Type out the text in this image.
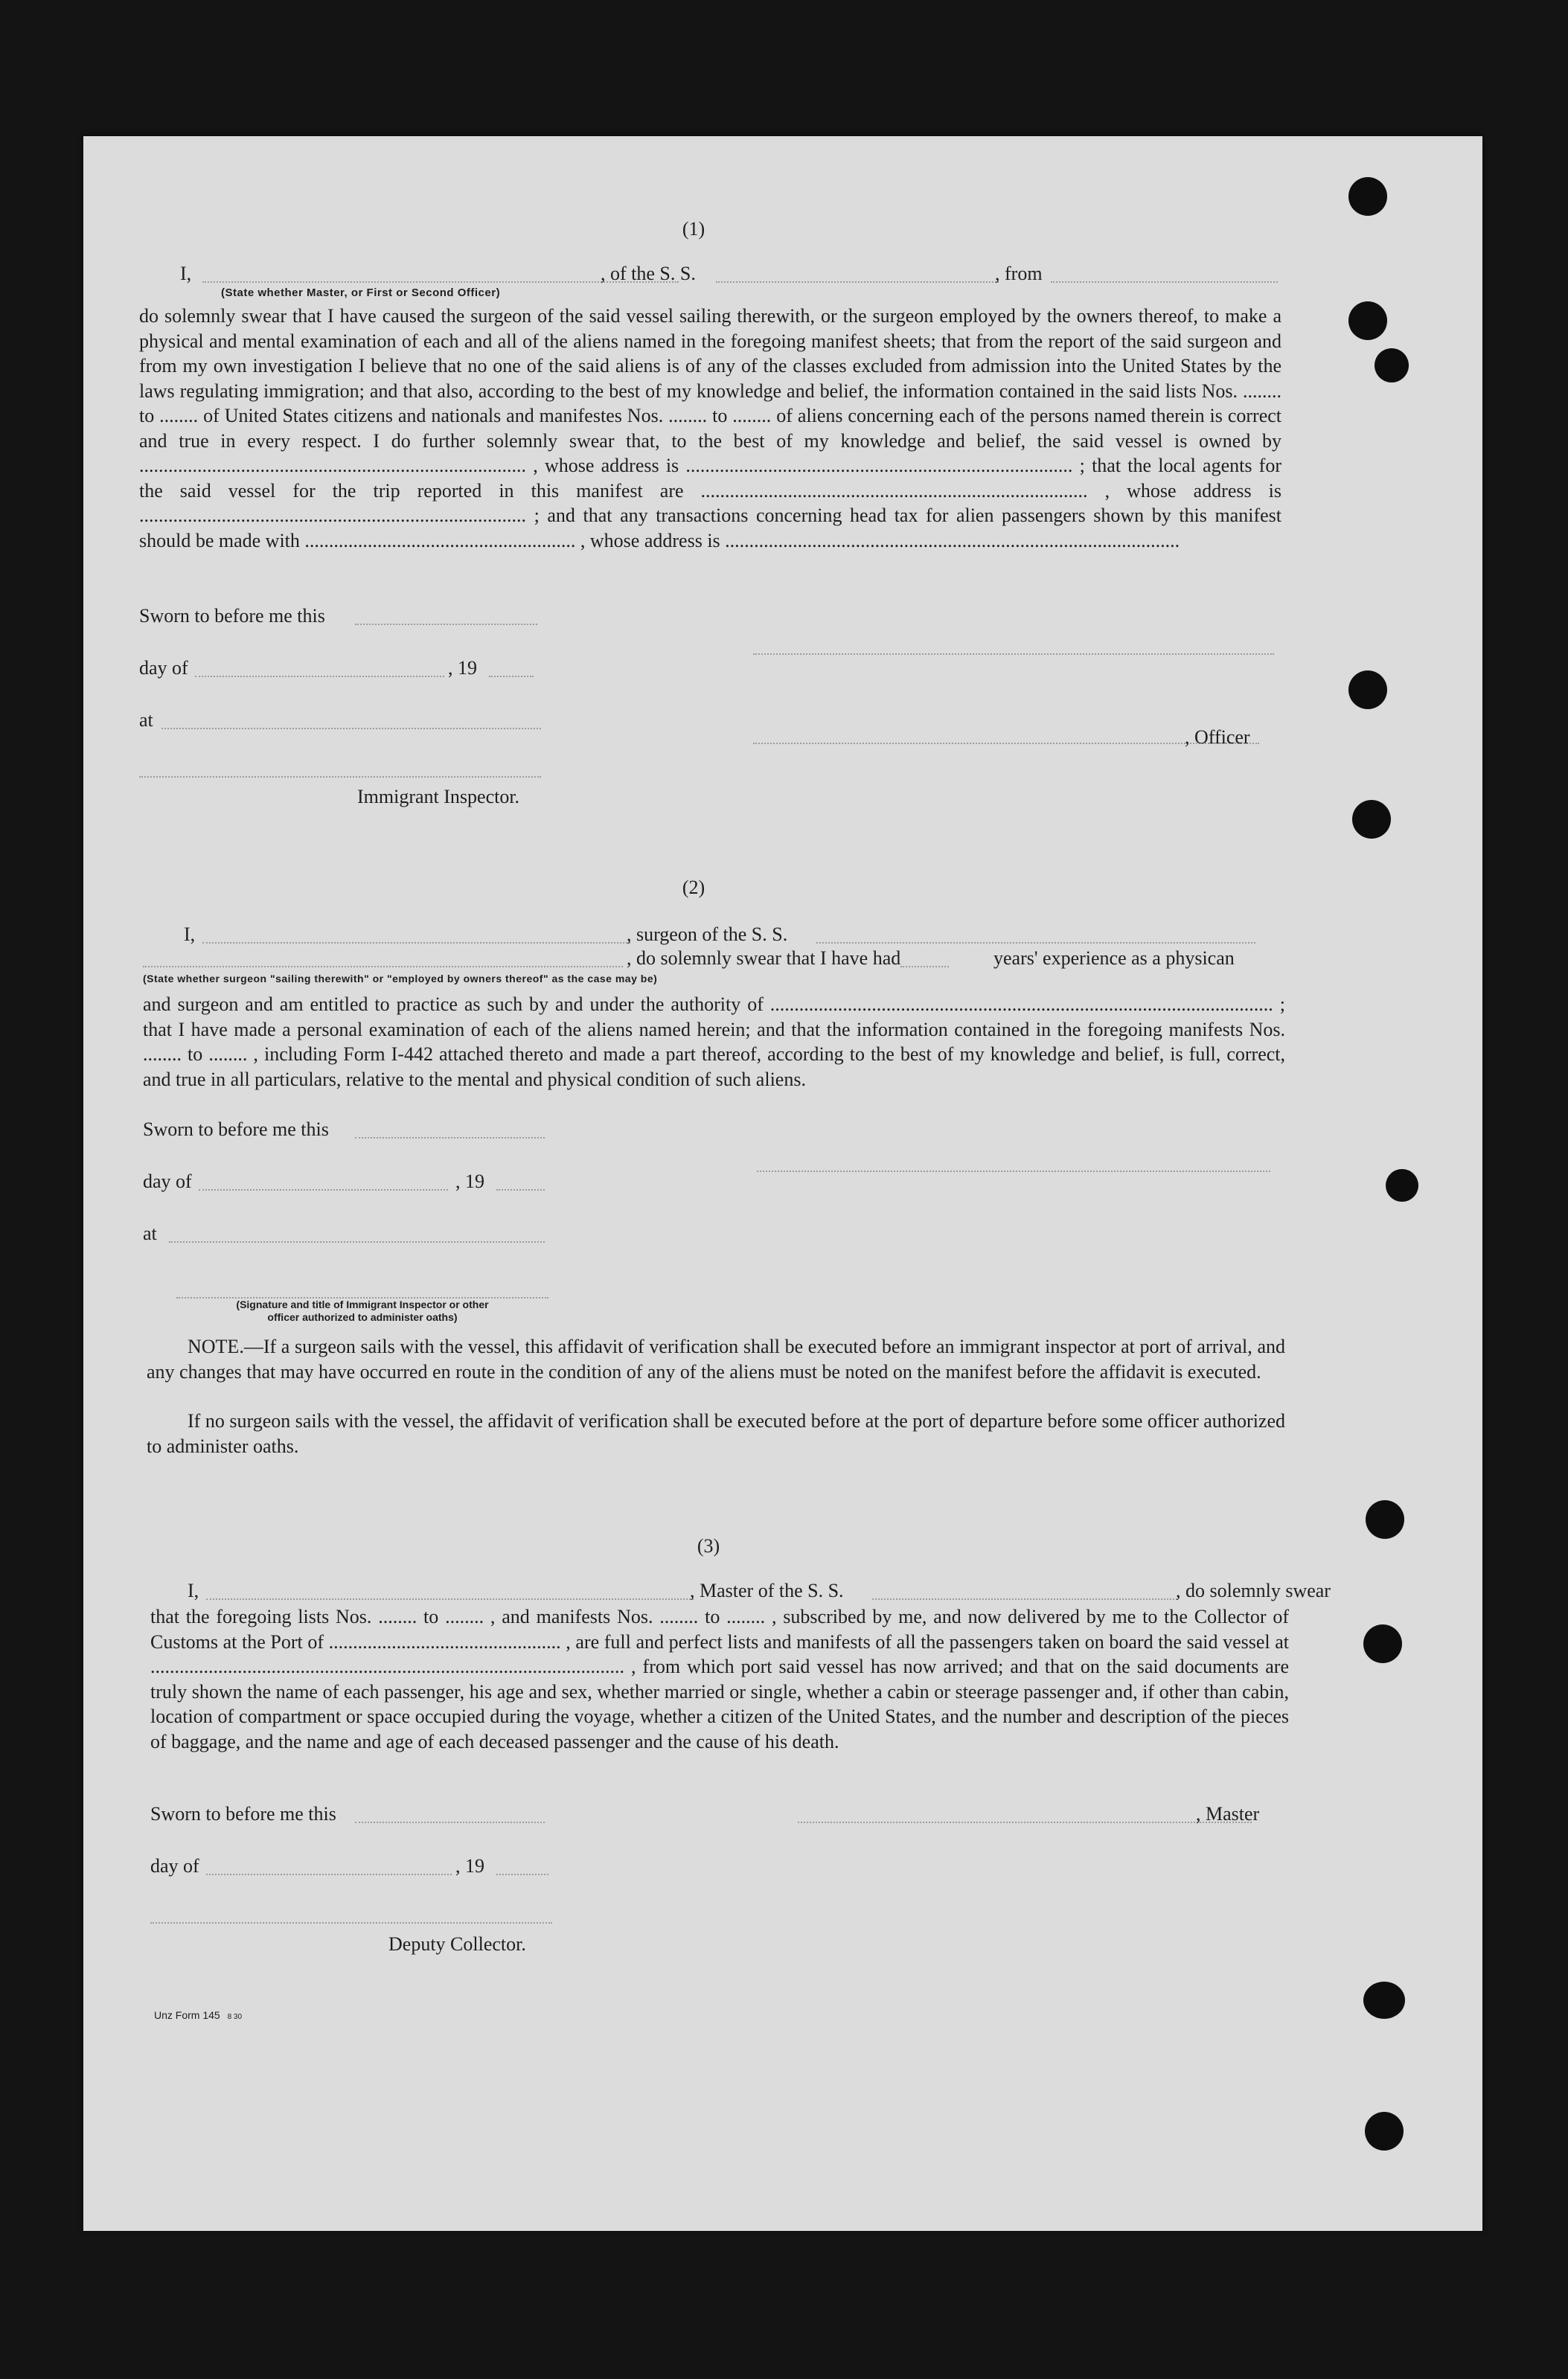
(1)
I,	, of the S. S.	, from
(State whether Master, or First or Second Officer)
do solemnly swear that I have caused the surgeon of the said vessel sailing therewith, or the surgeon employed by the owners thereof, to make a physical and mental examination of each and all of the aliens named in the foregoing manifest sheets; that from the report of the said surgeon and from my own investigation I believe that no one of the said aliens is of any of the classes excluded from admission into the United States by the laws regulating immigration; and that also, according to the best of my knowledge and belief, the information contained in the said lists Nos. ........ to ........ of United States citizens and nationals and manifestes Nos. ........ to ........ of aliens concerning each of the persons named therein is correct and true in every respect. I do further solemnly swear that, to the best of my knowledge and belief, the said vessel is owned by ................................................................................ , whose address is ................................................................................ ; that the local agents for the said vessel for the trip reported in this manifest are ................................................................................ , whose address is ................................................................................ ; and that any transactions concerning head tax for alien passengers shown by this manifest should be made with ........................................................ , whose address is ..............................................................................................
Sworn to before me this
day of	, 19
at
, Officer
Immigrant Inspector.
(2)
I,	, surgeon of the S. S.
, do solemnly swear that I have had	years' experience as a physican
(State whether surgeon "sailing therewith" or "employed by owners thereof" as the case may be)
and surgeon and am entitled to practice as such by and under the authority of ........................................................................................................ ; that I have made a personal examination of each of the aliens named herein; and that the information contained in the foregoing manifests Nos. ........ to ........ , including Form I-442 attached thereto and made a part thereof, according to the best of my knowledge and belief, is full, correct, and true in all particulars, relative to the mental and physical condition of such aliens.
Sworn to before me this
day of	, 19
at
(Signature and title of Immigrant Inspector or other
officer authorized to administer oaths)
NOTE.—If a surgeon sails with the vessel, this affidavit of verification shall be executed before an immigrant inspector at port of arrival, and any changes that may have occurred en route in the condition of any of the aliens must be noted on the manifest before the affidavit is executed.
If no surgeon sails with the vessel, the affidavit of verification shall be executed before at the port of departure before some officer authorized to administer oaths.
(3)
I,	, Master of the S. S.	, do solemnly swear
that the foregoing lists Nos. ........ to ........ , and manifests Nos. ........ to ........ , subscribed by me, and now delivered by me to the Collector of Customs at the Port of ................................................ , are full and perfect lists and manifests of all the passengers taken on board the said vessel at .................................................................................................. , from which port said vessel has now arrived; and that on the said documents are truly shown the name of each passenger, his age and sex, whether married or single, whether a cabin or steerage passenger and, if other than cabin, location of compartment or space occupied during the voyage, whether a citizen of the United States, and the number and description of the pieces of baggage, and the name and age of each deceased passenger and the cause of his death.
Sworn to before me this	, Master
day of	, 19
Deputy Collector.
Unz Form 145 8 30
